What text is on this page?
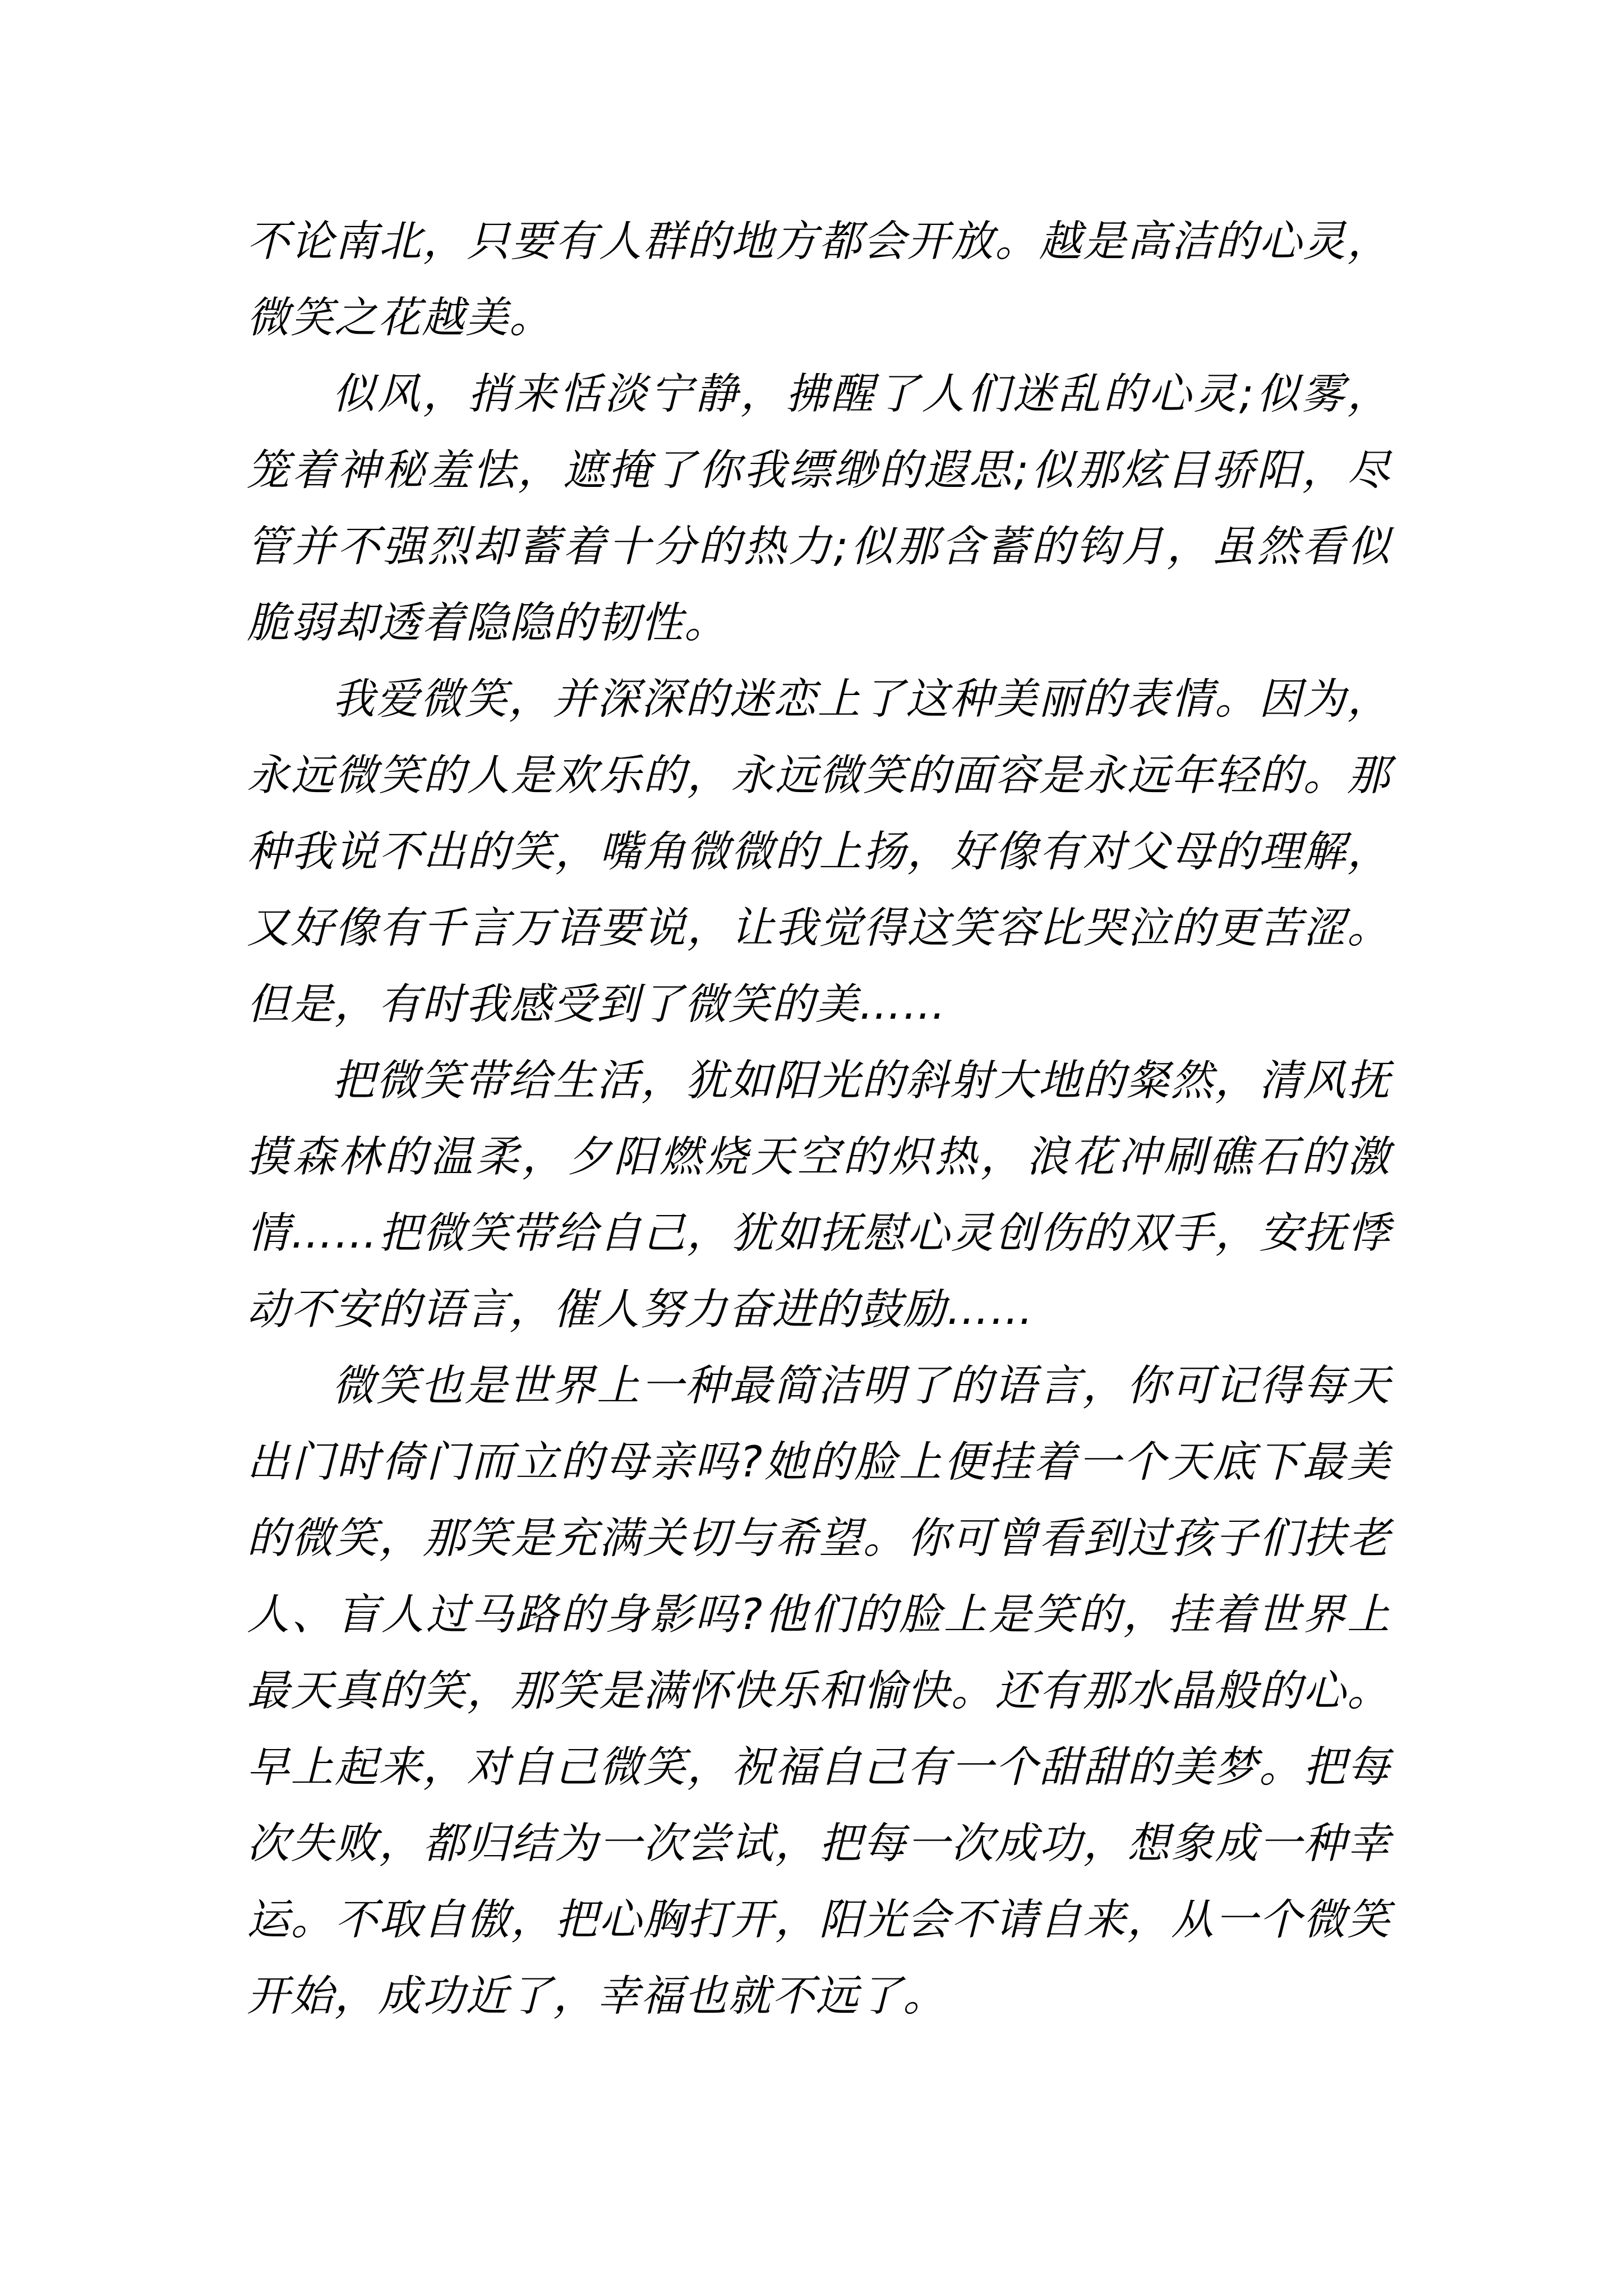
不论南北，只要有人群的地方都会开放。越是高洁的心灵，微笑之花越美。

似风，捎来恬淡宁静，拂醒了人们迷乱的心灵;似雾，笼着神秘羞怯，遮掩了你我缥缈的遐思;似那炫目骄阳，尽管并不强烈却蓄着十分的热力;似那含蓄的钩月，虽然看似脆弱却透着隐隐的韧性。

我爱微笑，并深深的迷恋上了这种美丽的表情。因为，永远微笑的人是欢乐的，永远微笑的面容是永远年轻的。那种我说不出的笑，嘴角微微的上扬，好像有对父母的理解，又好像有千言万语要说，让我觉得这笑容比哭泣的更苦涩。但是，有时我感受到了微笑的美……

把微笑带给生活，犹如阳光的斜射大地的粲然，清风抚摸森林的温柔，夕阳燃烧天空的炽热，浪花冲刷礁石的激情……把微笑带给自己，犹如抚慰心灵创伤的双手，安抚悸动不安的语言，催人努力奋进的鼓励……

微笑也是世界上一种最简洁明了的语言，你可记得每天出门时倚门而立的母亲吗?她的脸上便挂着一个天底下最美的微笑，那笑是充满关切与希望。你可曾看到过孩子们扶老人、盲人过马路的身影吗?他们的脸上是笑的，挂着世界上最天真的笑，那笑是满怀快乐和愉快。还有那水晶般的心。早上起来，对自己微笑，祝福自己有一个甜甜的美梦。把每次失败，都归结为一次尝试，把每一次成功，想象成一种幸运。不取自傲，把心胸打开，阳光会不请自来，从一个微笑开始，成功近了，幸福也就不远了。
